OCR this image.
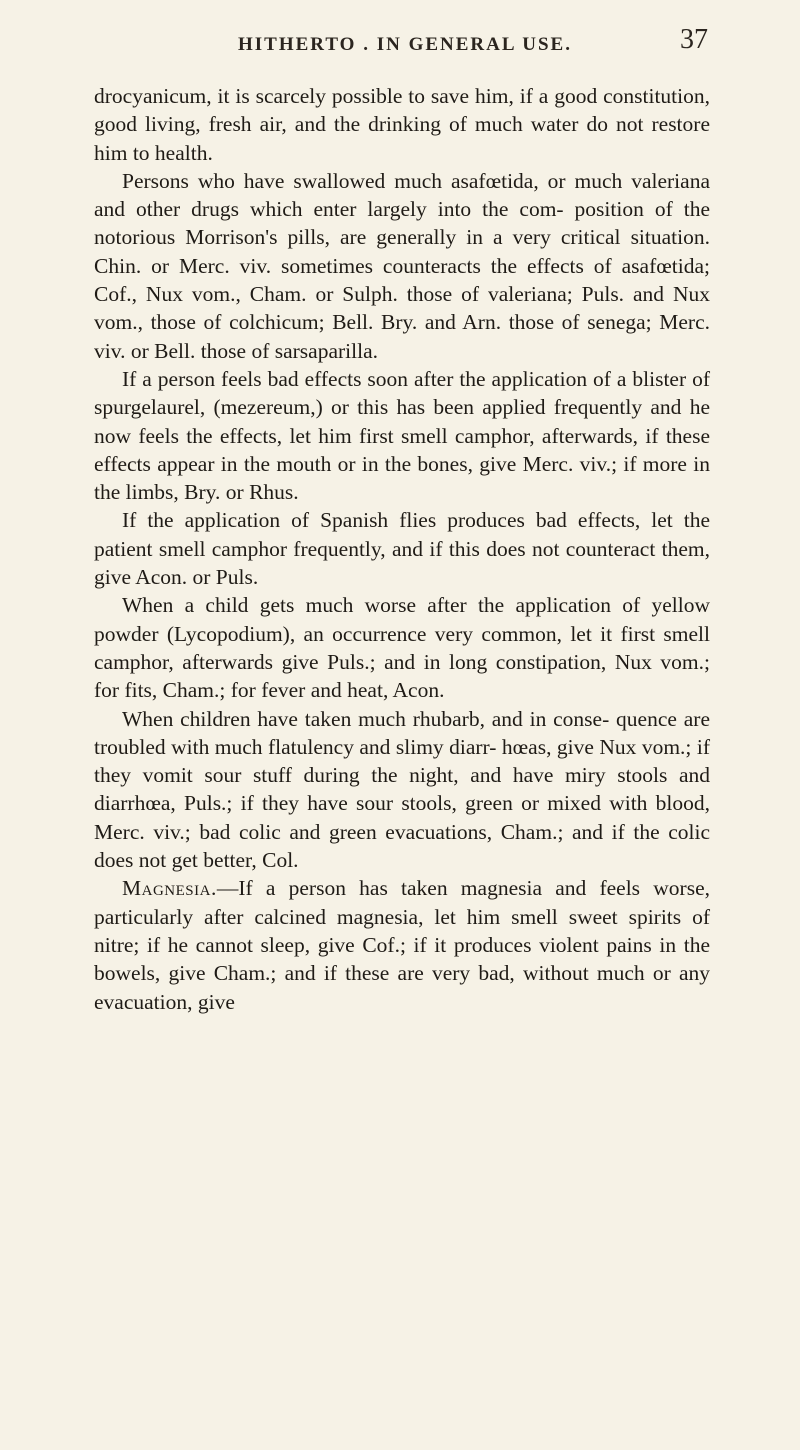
HITHERTO . IN GENERAL USE.	37

drocyanicum, it is scarcely possible to save him, if a good constitution, good living, fresh air, and the drinking of much water do not restore him to health.

Persons who have swallowed much asafœtida, or much valeriana and other drugs which enter largely into the com- position of the notorious Morrison's pills, are generally in a very critical situation. Chin. or Merc. viv. sometimes counteracts the effects of asafœtida; Cof., Nux vom., Cham. or Sulph. those of valeriana; Puls. and Nux vom., those of colchicum; Bell. Bry. and Arn. those of senega; Merc. viv. or Bell. those of sarsaparilla.

If a person feels bad effects soon after the application of a blister of spurgelaurel, (mezereum,) or this has been applied frequently and he now feels the effects, let him first smell camphor, afterwards, if these effects appear in the mouth or in the bones, give Merc. viv.; if more in the limbs, Bry. or Rhus.

If the application of Spanish flies produces bad effects, let the patient smell camphor frequently, and if this does not counteract them, give Acon. or Puls.

When a child gets much worse after the application of yellow powder (Lycopodium), an occurrence very common, let it first smell camphor, afterwards give Puls.; and in long constipation, Nux vom.; for fits, Cham.; for fever and heat, Acon.

When children have taken much rhubarb, and in conse- quence are troubled with much flatulency and slimy diarr- hœas, give Nux vom.; if they vomit sour stuff during the night, and have miry stools and diarrhœa, Puls.; if they have sour stools, green or mixed with blood, Merc. viv.; bad colic and green evacuations, Cham.; and if the colic does not get better, Col.

Magnesia.—If a person has taken magnesia and feels worse, particularly after calcined magnesia, let him smell sweet spirits of nitre; if he cannot sleep, give Cof.; if it produces violent pains in the bowels, give Cham.; and if these are very bad, without much or any evacuation, give
